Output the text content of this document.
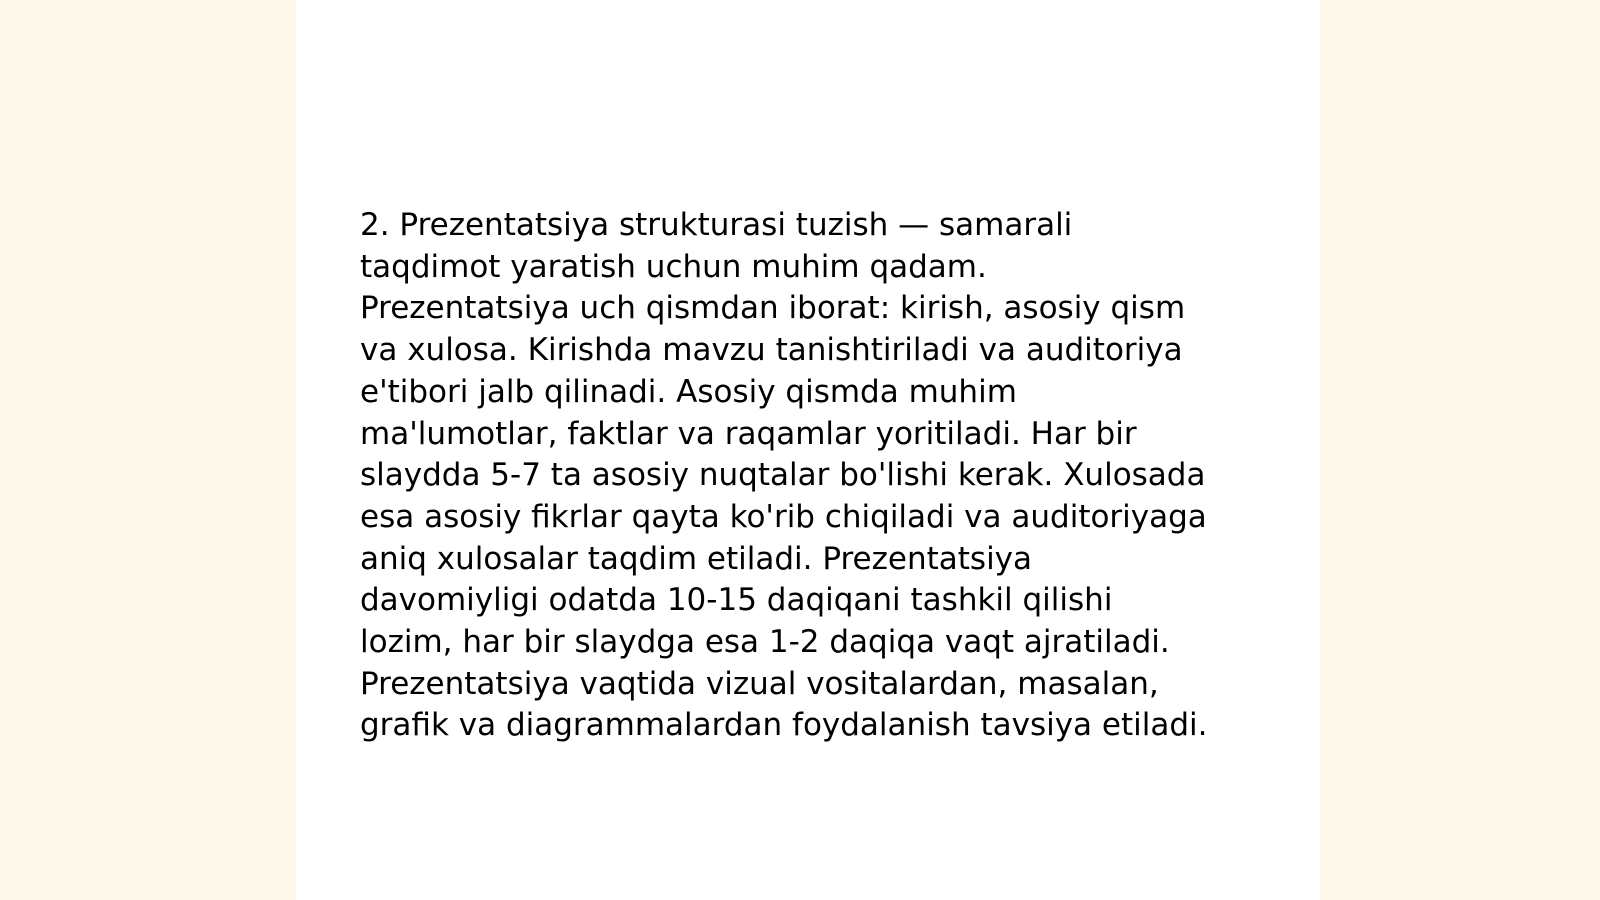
2. Prezentatsiya strukturasi tuzish — samarali
taqdimot yaratish uchun muhim qadam.
Prezentatsiya uch qismdan iborat: kirish, asosiy qism
va xulosa. Kirishda mavzu tanishtiriladi va auditoriya
e'tibori jalb qilinadi. Asosiy qismda muhim
ma'lumotlar, faktlar va raqamlar yoritiladi. Har bir
slaydda 5-7 ta asosiy nuqtalar bo'lishi kerak. Xulosada
esa asosiy fikrlar qayta ko'rib chiqiladi va auditoriyaga
aniq xulosalar taqdim etiladi. Prezentatsiya
davomiyligi odatda 10-15 daqiqani tashkil qilishi
lozim, har bir slaydga esa 1-2 daqiqa vaqt ajratiladi.
Prezentatsiya vaqtida vizual vositalardan, masalan,
grafik va diagrammalardan foydalanish tavsiya etiladi.
